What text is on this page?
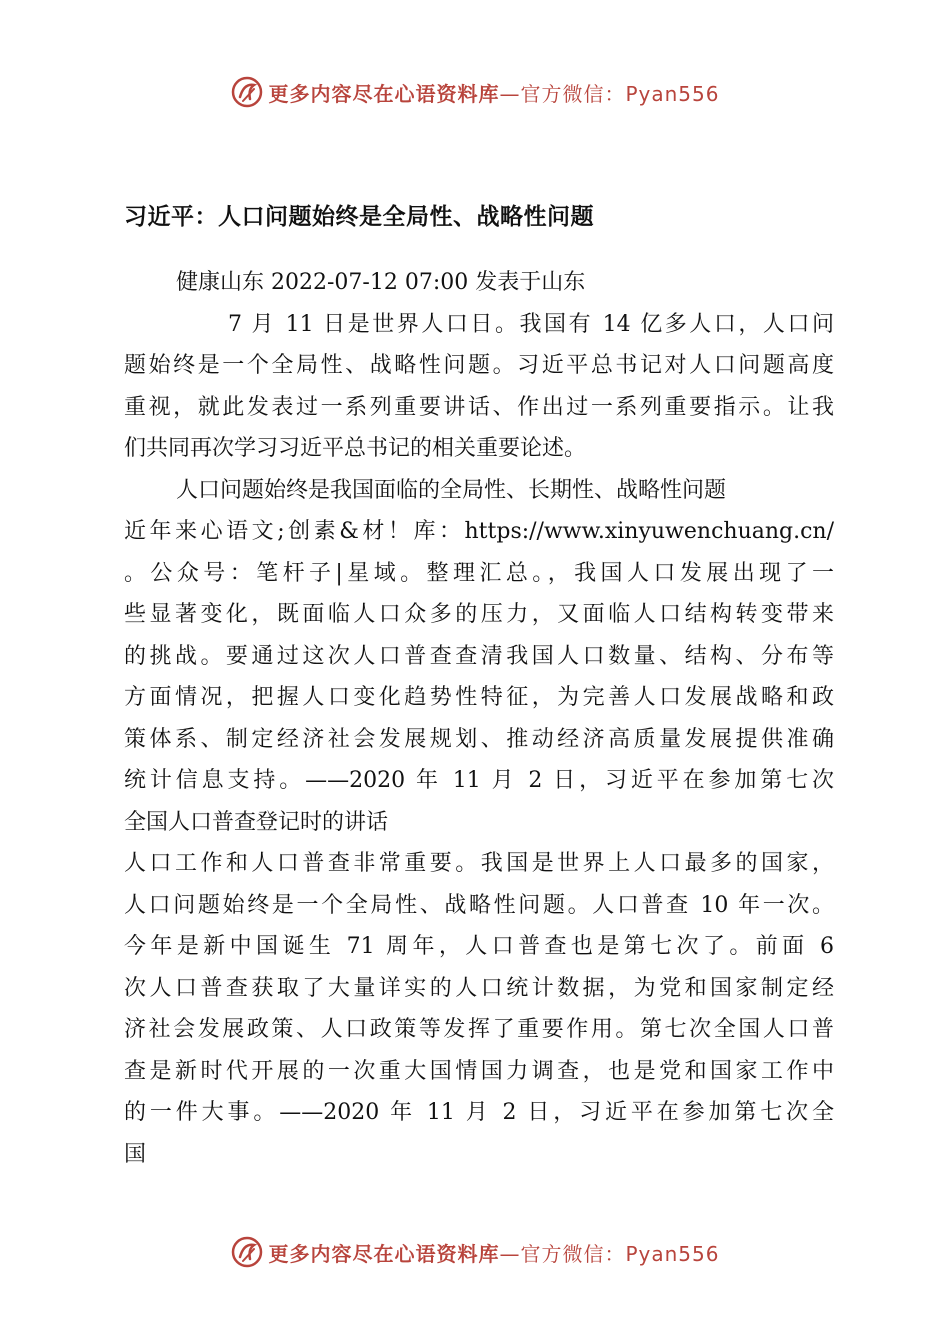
更多内容尽在心语资料库—官方微信：Pyan556
习近平：人口问题始终是全局性、战略性问题
健康山东 2022-07-12 07:00 发表于山东
7 月 11 日是世界人口日。我国有 14 亿多人口，人口问
题始终是一个全局性、战略性问题。习近平总书记对人口问题高度
重视，就此发表过一系列重要讲话、作出过一系列重要指示。让我
们共同再次学习习近平总书记的相关重要论述。
人口问题始终是我国面临的全局性、长期性、战略性问题
近年来心语文;创素&材！库：https://www.xinyuwenchuang.cn/
。公众号：笔杆子|星域。整理汇总。，我国人口发展出现了一
些显著变化，既面临人口众多的压力，又面临人口结构转变带来
的挑战。要通过这次人口普查查清我国人口数量、结构、分布等
方面情况，把握人口变化趋势性特征，为完善人口发展战略和政
策体系、制定经济社会发展规划、推动经济高质量发展提供准确
统计信息支持。——2020 年 11 月 2 日，习近平在参加第七次
全国人口普查登记时的讲话
人口工作和人口普查非常重要。我国是世界上人口最多的国家，
人口问题始终是一个全局性、战略性问题。人口普查 10 年一次。
今年是新中国诞生 71 周年，人口普查也是第七次了。前面 6
次人口普查获取了大量详实的人口统计数据，为党和国家制定经
济社会发展政策、人口政策等发挥了重要作用。第七次全国人口普
查是新时代开展的一次重大国情国力调查，也是党和国家工作中
的一件大事。——2020 年 11 月 2 日，习近平在参加第七次全
国
更多内容尽在心语资料库—官方微信：Pyan556
